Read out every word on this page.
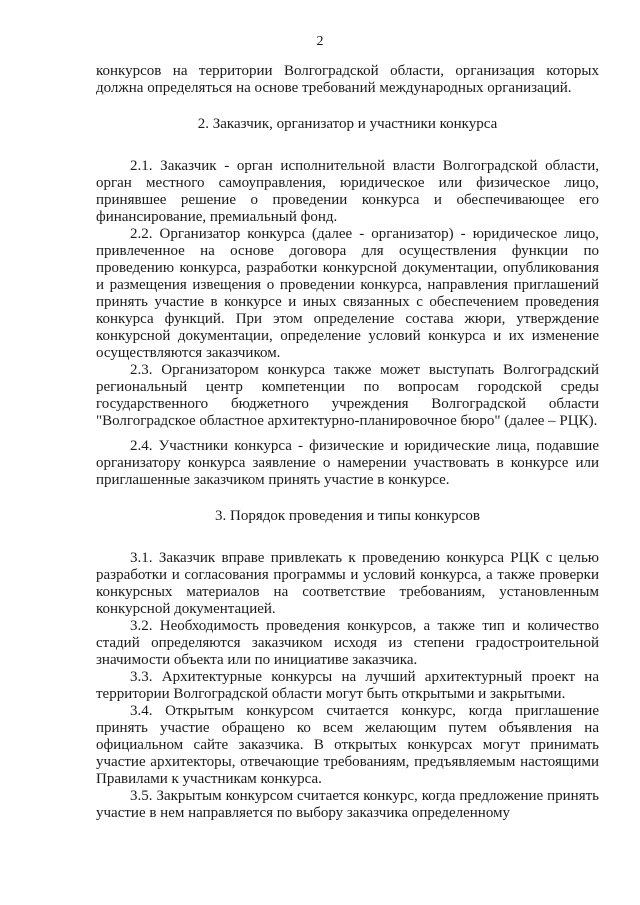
2

конкурсов на территории Волгоградской области, организация которых должна определяться на основе требований международных организаций.

2. Заказчик, организатор и участники конкурса

2.1. Заказчик - орган исполнительной власти Волгоградской области, орган местного самоуправления, юридическое или физическое лицо, принявшее решение о проведении конкурса и обеспечивающее его финансирование, премиальный фонд.

2.2. Организатор конкурса (далее - организатор) - юридическое лицо, привлеченное на основе договора для осуществления функции по проведению конкурса, разработки конкурсной документации, опубликования и размещения извещения о проведении конкурса, направления приглашений принять участие в конкурсе и иных связанных с обеспечением проведения конкурса функций. При этом определение состава жюри, утверждение конкурсной документации, определение условий конкурса и их изменение осуществляются заказчиком.

2.3. Организатором конкурса также может выступать Волгоградский региональный центр компетенции по вопросам городской среды государственного бюджетного учреждения Волгоградской области "Волгоградское областное архитектурно-планировочное бюро" (далее – РЦК).

2.4. Участники конкурса - физические и юридические лица, подавшие организатору конкурса заявление о намерении участвовать в конкурсе или приглашенные заказчиком принять участие в конкурсе.

3. Порядок проведения и типы конкурсов

3.1. Заказчик вправе привлекать к проведению конкурса РЦК с целью разработки и согласования программы и условий конкурса, а также проверки конкурсных материалов на соответствие требованиям, установленным конкурсной документацией.

3.2. Необходимость проведения конкурсов, а также тип и количество стадий определяются заказчиком исходя из степени градостроительной значимости объекта или по инициативе заказчика.

3.3. Архитектурные конкурсы на лучший архитектурный проект на территории Волгоградской области могут быть открытыми и закрытыми.

3.4. Открытым конкурсом считается конкурс, когда приглашение принять участие обращено ко всем желающим путем объявления на официальном сайте заказчика. В открытых конкурсах могут принимать участие архитекторы, отвечающие требованиям, предъявляемым настоящими Правилами к участникам конкурса.

3.5. Закрытым конкурсом считается конкурс, когда предложение принять участие в нем направляется по выбору заказчика определенному
